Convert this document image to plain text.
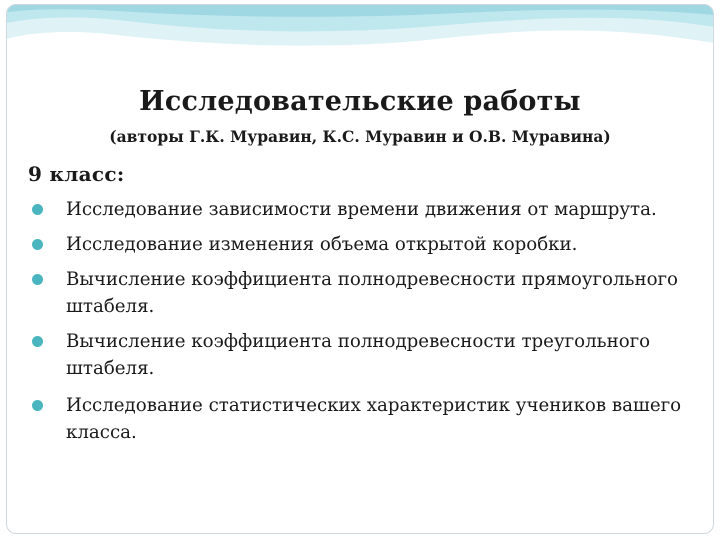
Исследовательские работы
(авторы Г.К. Муравин, К.С. Муравин и О.В. Муравина)
9 класс:
Исследование зависимости времени движения от маршрута.
Исследование изменения объема открытой коробки.
Вычисление коэффициента полнодревесности прямоугольного штабеля.
Вычисление коэффициента полнодревесности треугольного штабеля.
Исследование статистических характеристик учеников вашего класса.
